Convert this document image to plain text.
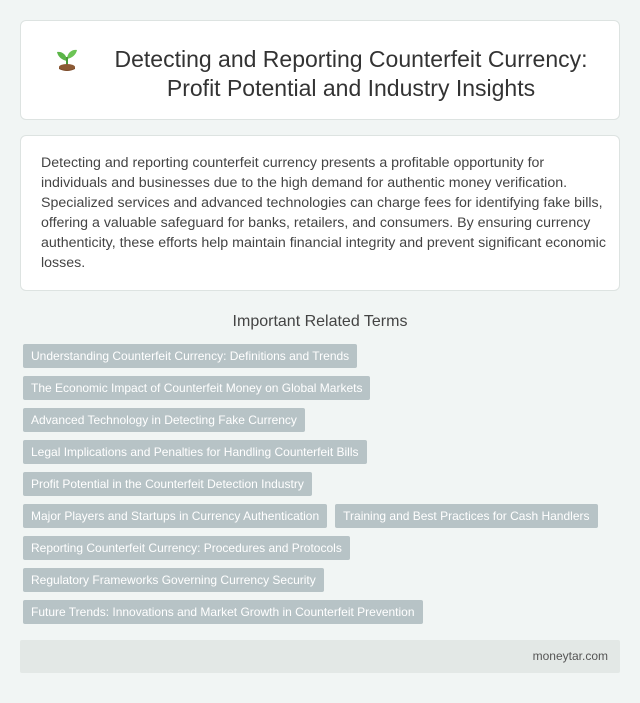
Detecting and Reporting Counterfeit Currency: Profit Potential and Industry Insights

Detecting and reporting counterfeit currency presents a profitable opportunity for individuals and businesses due to the high demand for authentic money verification. Specialized services and advanced technologies can charge fees for identifying fake bills, offering a valuable safeguard for banks, retailers, and consumers. By ensuring currency authenticity, these efforts help maintain financial integrity and prevent significant economic losses.

Important Related Terms
Understanding Counterfeit Currency: Definitions and Trends
The Economic Impact of Counterfeit Money on Global Markets
Advanced Technology in Detecting Fake Currency
Legal Implications and Penalties for Handling Counterfeit Bills
Profit Potential in the Counterfeit Detection Industry
Major Players and Startups in Currency Authentication	Training and Best Practices for Cash Handlers
Reporting Counterfeit Currency: Procedures and Protocols
Regulatory Frameworks Governing Currency Security
Future Trends: Innovations and Market Growth in Counterfeit Prevention
moneytar.com
